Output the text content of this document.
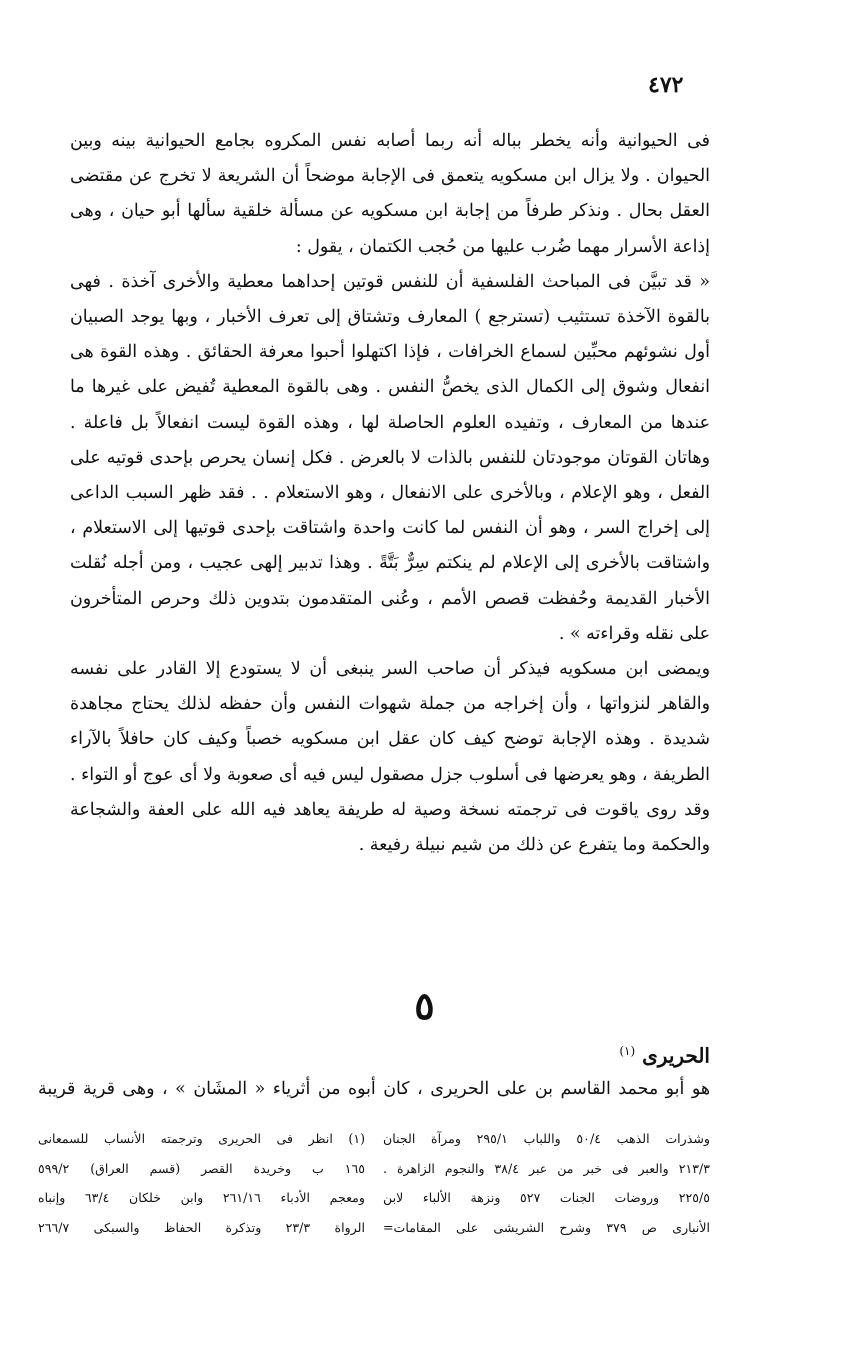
٤٧٢

فى الحيوانية وأنه يخطر بباله أنه ربما أصابه نفس المكروه بجامع الحيوانية بينه وبين الحيوان . ولا يزال ابن مسكويه يتعمق فى الإجابة موضحاً أن الشريعة لا تخرج عن مقتضى العقل بحال . ونذكر طرفاً من إجابة ابن مسكويه عن مسألة خلقية سألها أبو حيان ، وهى إذاعة الأسرار مهما ضُرب عليها من حُجب الكتمان ، يقول :

« قد تبيَّن فى المباحث الفلسفية أن للنفس قوتين إحداهما معطية والأخرى آخذة . فهى بالقوة الآخذة تستثيب (تسترجع ) المعارف وتشتاق إلى تعرف الأخبار ، وبها يوجد الصبيان أول نشوئهم محبِّين لسماع الخرافات ، فإذا اكتهلوا أحبوا معرفة الحقائق . وهذه القوة هى انفعال وشوق إلى الكمال الذى يخصُّ النفس . وهى بالقوة المعطية تُفيض على غيرها ما عندها من المعارف ، وتفيده العلوم الحاصلة لها ، وهذه القوة ليست انفعالاً بل فاعلة . وهاتان القوتان موجودتان للنفس بالذات لا بالعرض . فكل إنسان يحرص بإحدى قوتيه على الفعل ، وهو الإعلام ، وبالأخرى على الانفعال ، وهو الاستعلام . . فقد ظهر السبب الداعى إلى إخراج السر ، وهو أن النفس لما كانت واحدة واشتاقت بإحدى قوتيها إلى الاستعلام ، واشتاقت بالأخرى إلى الإعلام لم ينكتم سِرٌّ بَتَّةً . وهذا تدبير إلهى عجيب ، ومن أجله نُقلت الأخبار القديمة وحُفظت قصص الأمم ، وعُنى المتقدمون بتدوين ذلك وحرص المتأخرون على نقله وقراءته » .

ويمضى ابن مسكويه فيذكر أن صاحب السر ينبغى أن لا يستودع إلا القادر على نفسه والقاهر لنزواتها ، وأن إخراجه من جملة شهوات النفس وأن حفظه لذلك يحتاج مجاهدة شديدة . وهذه الإجابة توضح كيف كان عقل ابن مسكويه خصباً وكيف كان حافلاً بالآراء الطريفة ، وهو يعرضها فى أسلوب جزل مصقول ليس فيه أى صعوبة ولا أى عوج أو التواء . وقد روى ياقوت فى ترجمته نسخة وصية له طريفة يعاهد فيه الله على العفة والشجاعة والحكمة وما يتفرع عن ذلك من شيم نبيلة رفيعة .

٥
الحريرى $^{(١)}$
هو أبو محمد القاسم بن على الحريرى ، كان أبوه من أثرياء « المشَان » ، وهى قرية قريبة
(١) انظر فى الحريرى وترجمته الأنساب للسمعانى
١٦٥ ب وخريدة القصر (قسم العراق) ٥٩٩/٢
ومعجم الأدباء ٢٦١/١٦ وابن خلكان ٦٣/٤ وإنباه
الرواة ٢٣/٣ وتذكرة الحفاظ والسبكى ٢٦٦/٧
وشذرات الذهب ٥٠/٤ واللباب ٢٩٥/١ ومرآة الجنان
٢١٣/٣ والعبر فى خبر من عبر ٣٨/٤ والنجوم الزاهرة .
٢٢٥/٥ وروضات الجنات ٥٢٧ ونزهة الألباء لابن
الأنبارى ص ٣٧٩ وشرح الشريشى على المقامات=
